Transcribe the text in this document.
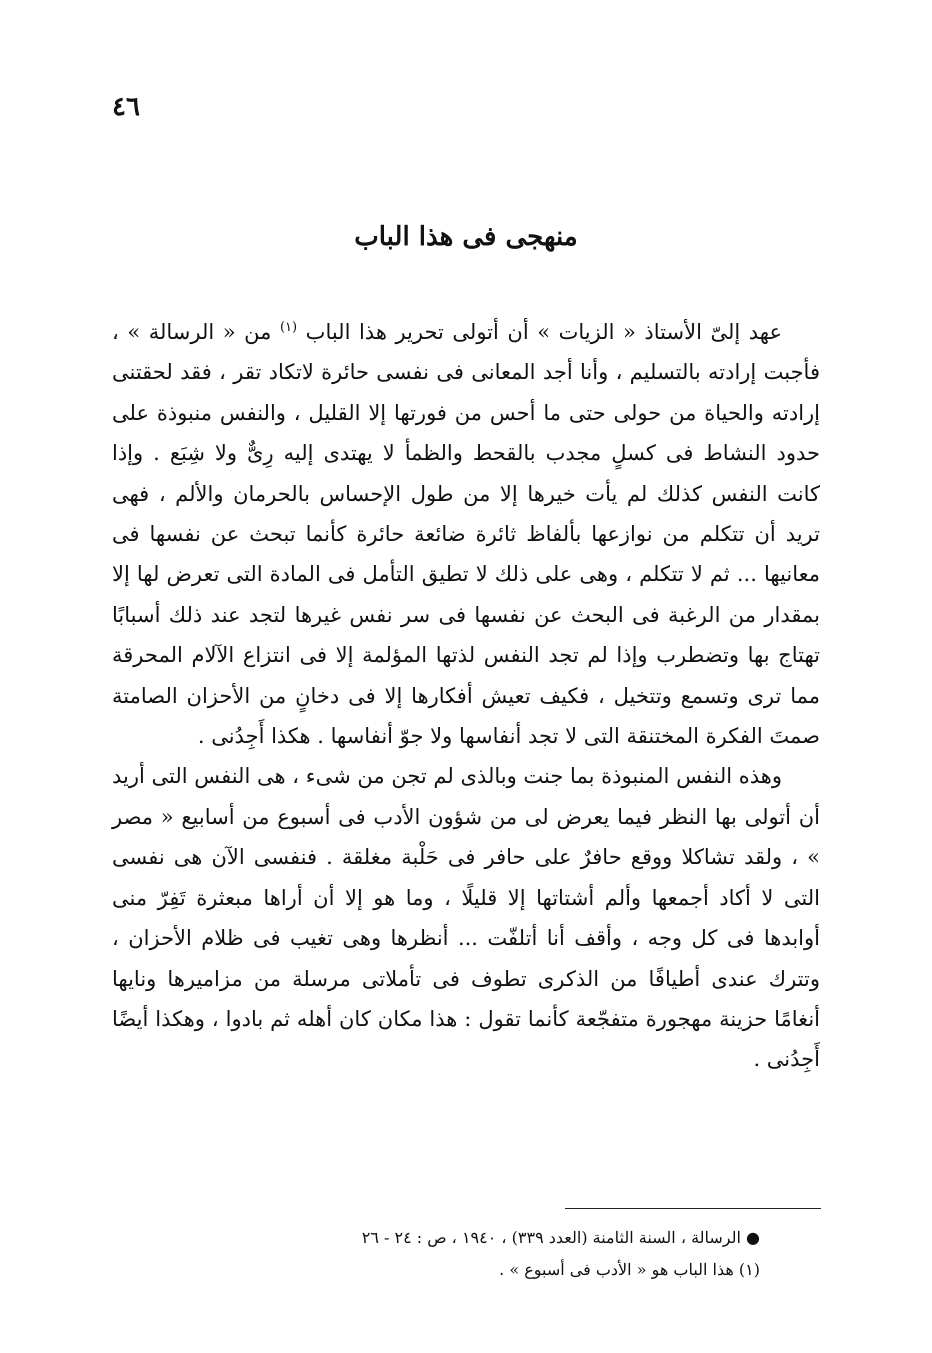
٤٦
منهجى فى هذا الباب

عهد إلىّ الأستاذ « الزيات » أن أتولى تحرير هذا الباب $^{(١)}$ من « الرسالة » ، فأجبت إرادته بالتسليم ، وأنا أجد المعانى فى نفسى حائرة لاتكاد تقر ، فقد لحقتنى إرادته والحياة من حولى حتى ما أحس من فورتها إلا القليل ، والنفس منبوذة على حدود النشاط فى كسلٍ مجدب بالقحط والظمأ لا يهتدى إليه رِىٌّ ولا شِبَع . وإذا كانت النفس كذلك لم يأت خيرها إلا من طول الإحساس بالحرمان والألم ، فهى تريد أن تتكلم من نوازعها بألفاظ ثائرة ضائعة حائرة كأنما تبحث عن نفسها فى معانيها ... ثم لا تتكلم ، وهى على ذلك لا تطيق التأمل فى المادة التى تعرض لها إلا بمقدار من الرغبة فى البحث عن نفسها فى سر نفس غيرها لتجد عند ذلك أسبابًا تهتاج بها وتضطرب وإذا لم تجد النفس لذتها المؤلمة إلا فى انتزاع الآلام المحرقة مما ترى وتسمع وتتخيل ، فكيف تعيش أفكارها إلا فى دخانٍ من الأحزان الصامتة صمتَ الفكرة المختنقة التى لا تجد أنفاسها ولا جوّ أنفاسها . هكذا أَجِدُنى .

وهذه النفس المنبوذة بما جنت وبالذى لم تجن من شىء ، هى النفس التى أريد أن أتولى بها النظر فيما يعرض لى من شؤون الأدب فى أسبوع من أسابيع « مصر » ، ولقد تشاكلا ووقع حافرٌ على حافر فى حَلْبة مغلقة . فنفسى الآن هى نفسى التى لا أكاد أجمعها وألم أشتاتها إلا قليلًا ، وما هو إلا أن أراها مبعثرة تَفِرّ منى أوابدها فى كل وجه ، وأقف أنا أتلفّت ... أنظرها وهى تغيب فى ظلام الأحزان ، وتترك عندى أطيافًا من الذكرى تطوف فى تأملاتى مرسلة من مزاميرها ونايها أنغامًا حزينة مهجورة متفجّعة كأنما تقول : هذا مكان كان أهله ثم بادوا ، وهكذا أيضًا أَجِدُنى .

● الرسالة ، السنة الثامنة (العدد ٣٣٩) ، ١٩٤٠ ، ص : ٢٤ - ٢٦
(١) هذا الباب هو « الأدب فى أسبوع » .
